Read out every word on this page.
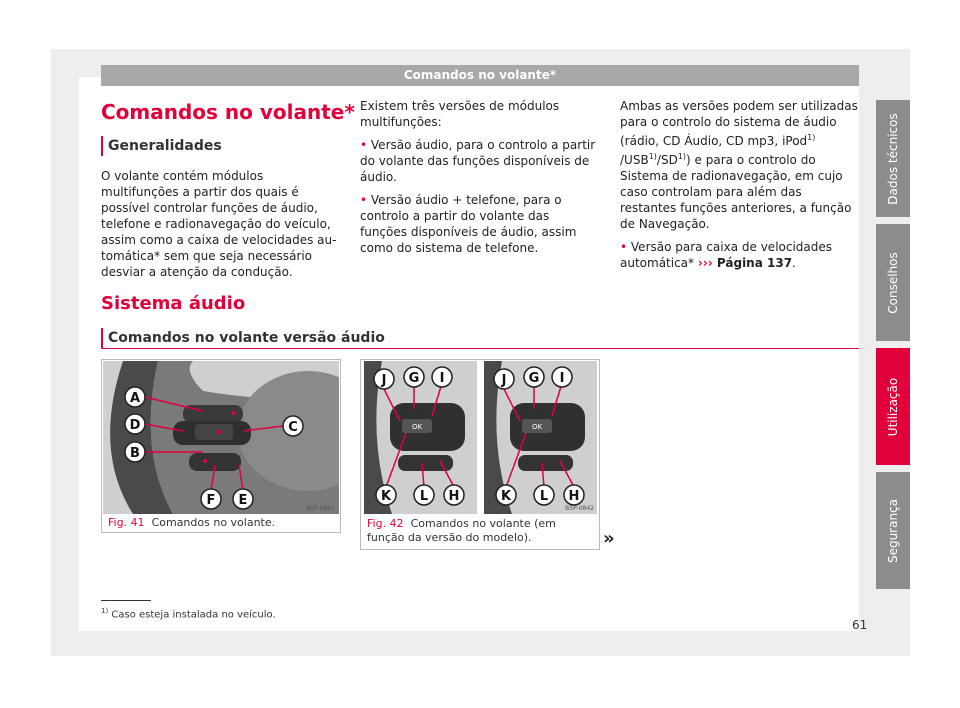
Comandos no volante*
Comandos no volante*
Generalidades
O volante contém módulos multifunções a partir dos quais é possível controlar funções de áudio, telefone e radionavegação do veículo, assim como a caixa de velocidades automática* sem que seja necessário desviar a atenção da condução.
Existem três versões de módulos multifunções:
• Versão áudio, para o controlo a partir do volante das funções disponíveis de áudio.
• Versão áudio + telefone, para o controlo a partir do volante das funções disponíveis de áudio, assim como do sistema de telefone.
Ambas as versões podem ser utilizadas para o controlo do sistema de áudio (rádio, CD Áudio, CD mp3, iPod$^{1)}$ /USB$^{1)}$/SD$^{1)}$) e para o controlo do Sistema de radionavegação, em cujo caso controlam para além das restantes funções anteriores, a função de Navegação.
• Versão para caixa de velocidades automática* ››› Página 137.
Sistema áudio
Comandos no volante versão áudio
A
D
B
C
F E
B5P-0841
Fig. 41 Comandos no volante.
OK
J G I
K L H
OK
J G I
K L H
B5P-0842
Fig. 42 Comandos no volante (em função da versão do modelo).	»
Dados técnicos
Conselhos
Utilização
Segurança
$^{1)}$ Caso esteja instalada no veículo.
61
